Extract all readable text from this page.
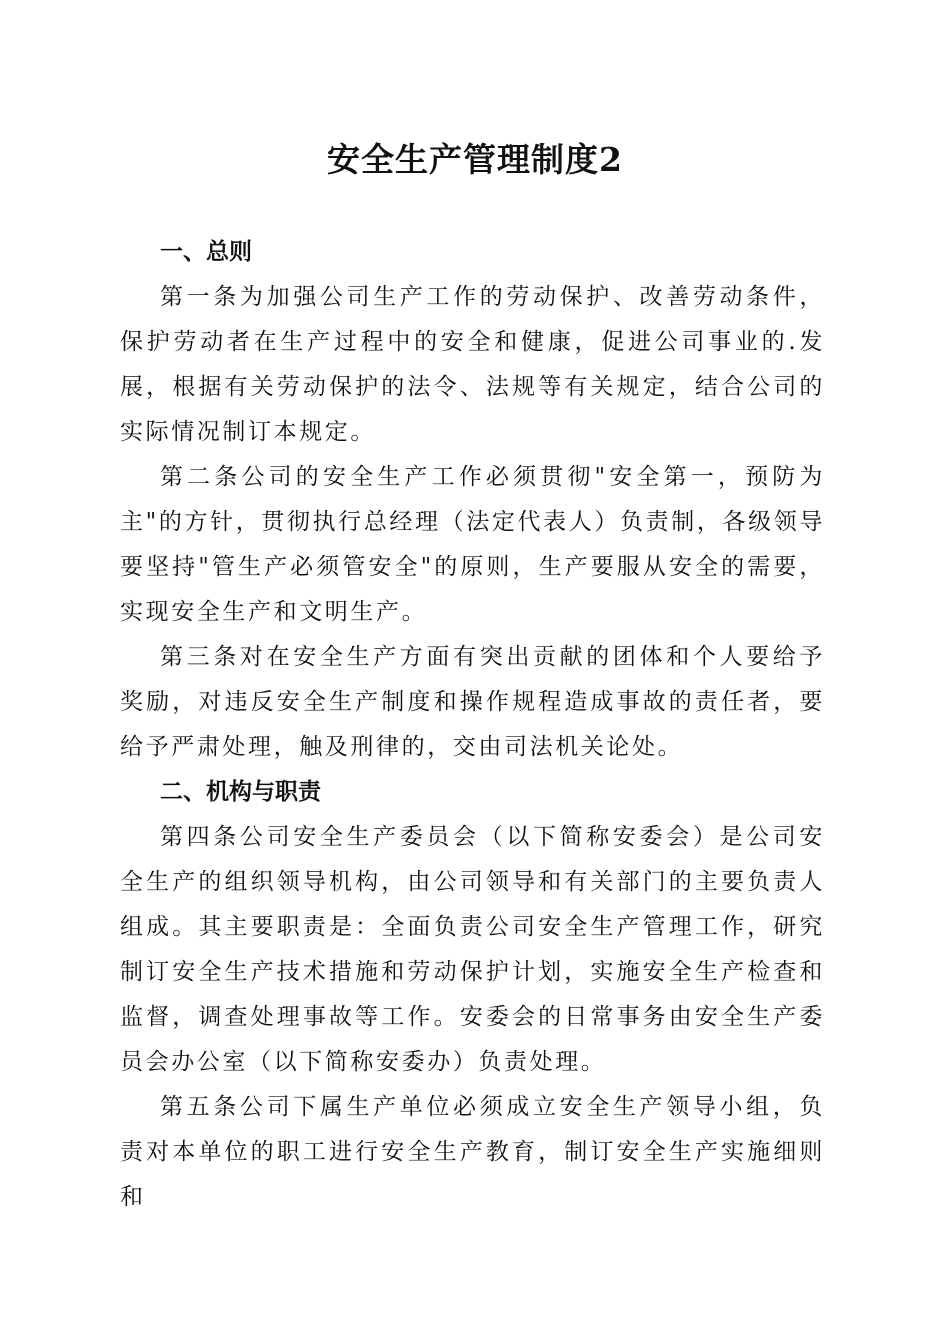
安全生产管理制度2
一、总则

第一条为加强公司生产工作的劳动保护、改善劳动条件，保护劳动者在生产过程中的安全和健康，促进公司事业的.发展，根据有关劳动保护的法令、法规等有关规定，结合公司的实际情况制订本规定。

第二条公司的安全生产工作必须贯彻"安全第一，预防为主"的方针，贯彻执行总经理（法定代表人）负责制，各级领导要坚持"管生产必须管安全"的原则，生产要服从安全的需要，实现安全生产和文明生产。

第三条对在安全生产方面有突出贡献的团体和个人要给予奖励，对违反安全生产制度和操作规程造成事故的责任者，要给予严肃处理，触及刑律的，交由司法机关论处。

二、机构与职责

第四条公司安全生产委员会（以下简称安委会）是公司安全生产的组织领导机构，由公司领导和有关部门的主要负责人组成。其主要职责是：全面负责公司安全生产管理工作，研究制订安全生产技术措施和劳动保护计划，实施安全生产检查和监督，调查处理事故等工作。安委会的日常事务由安全生产委员会办公室（以下简称安委办）负责处理。

第五条公司下属生产单位必须成立安全生产领导小组，负责对本单位的职工进行安全生产教育，制订安全生产实施细则和
